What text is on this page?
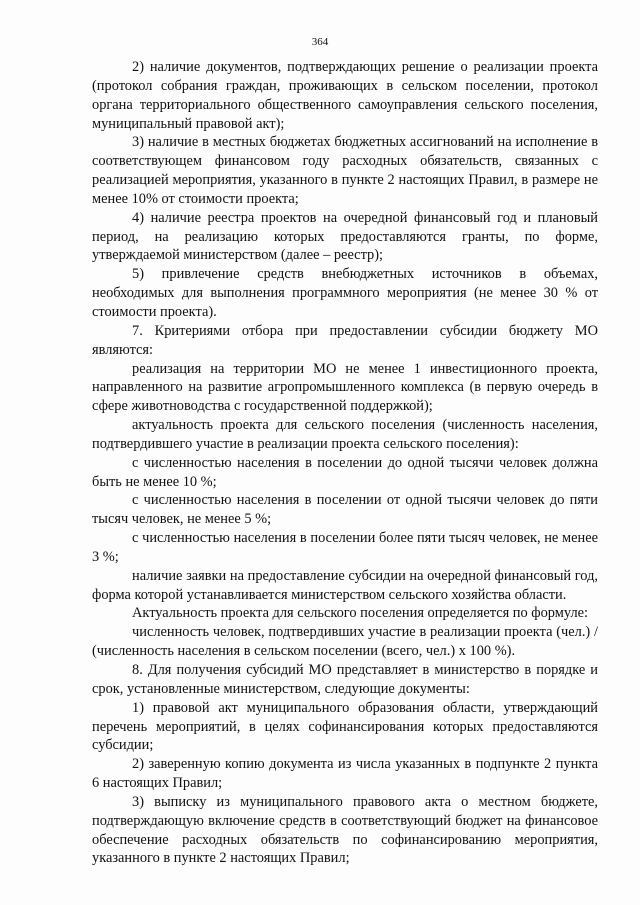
364

2) наличие документов, подтверждающих решение о реализации проекта (протокол собрания граждан, проживающих в сельском поселении, протокол органа территориального общественного самоуправления сельского поселения, муниципальный правовой акт);

3) наличие в местных бюджетах бюджетных ассигнований на исполнение в соответствующем финансовом году расходных обязательств, связанных с реализацией мероприятия, указанного в пункте 2 настоящих Правил, в размере не менее 10% от стоимости проекта;

4) наличие реестра проектов на очередной финансовый год и плановый период, на реализацию которых предоставляются гранты, по форме, утверждаемой министерством (далее – реестр);

5) привлечение средств внебюджетных источников в объемах, необходимых для выполнения программного мероприятия (не менее 30 % от стоимости проекта).

7. Критериями отбора при предоставлении субсидии бюджету МО являются:

реализация на территории МО не менее 1 инвестиционного проекта, направленного на развитие агропромышленного комплекса (в первую очередь в сфере животноводства с государственной поддержкой);

актуальность проекта для сельского поселения (численность населения, подтвердившего участие в реализации проекта сельского поселения):

с численностью населения в поселении до одной тысячи человек должна быть не менее 10 %;

с численностью населения в поселении от одной тысячи человек до пяти тысяч человек, не менее 5 %;

с численностью населения в поселении более пяти тысяч человек, не менее 3 %;

наличие заявки на предоставление субсидии на очередной финансовый год, форма которой устанавливается министерством сельского хозяйства области.

Актуальность проекта для сельского поселения определяется по формуле:

численность человек, подтвердивших участие в реализации проекта (чел.) / (численность населения в сельском поселении (всего, чел.) х 100 %).

8. Для получения субсидий МО представляет в министерство в порядке и срок, установленные министерством, следующие документы:

1) правовой акт муниципального образования области, утверждающий перечень мероприятий, в целях софинансирования которых предоставляются субсидии;

2) заверенную копию документа из числа указанных в подпункте 2 пункта 6 настоящих Правил;

3) выписку из муниципального правового акта о местном бюджете, подтверждающую включение средств в соответствующий бюджет на финансовое обеспечение расходных обязательств по софинансированию мероприятия, указанного в пункте 2 настоящих Правил;
